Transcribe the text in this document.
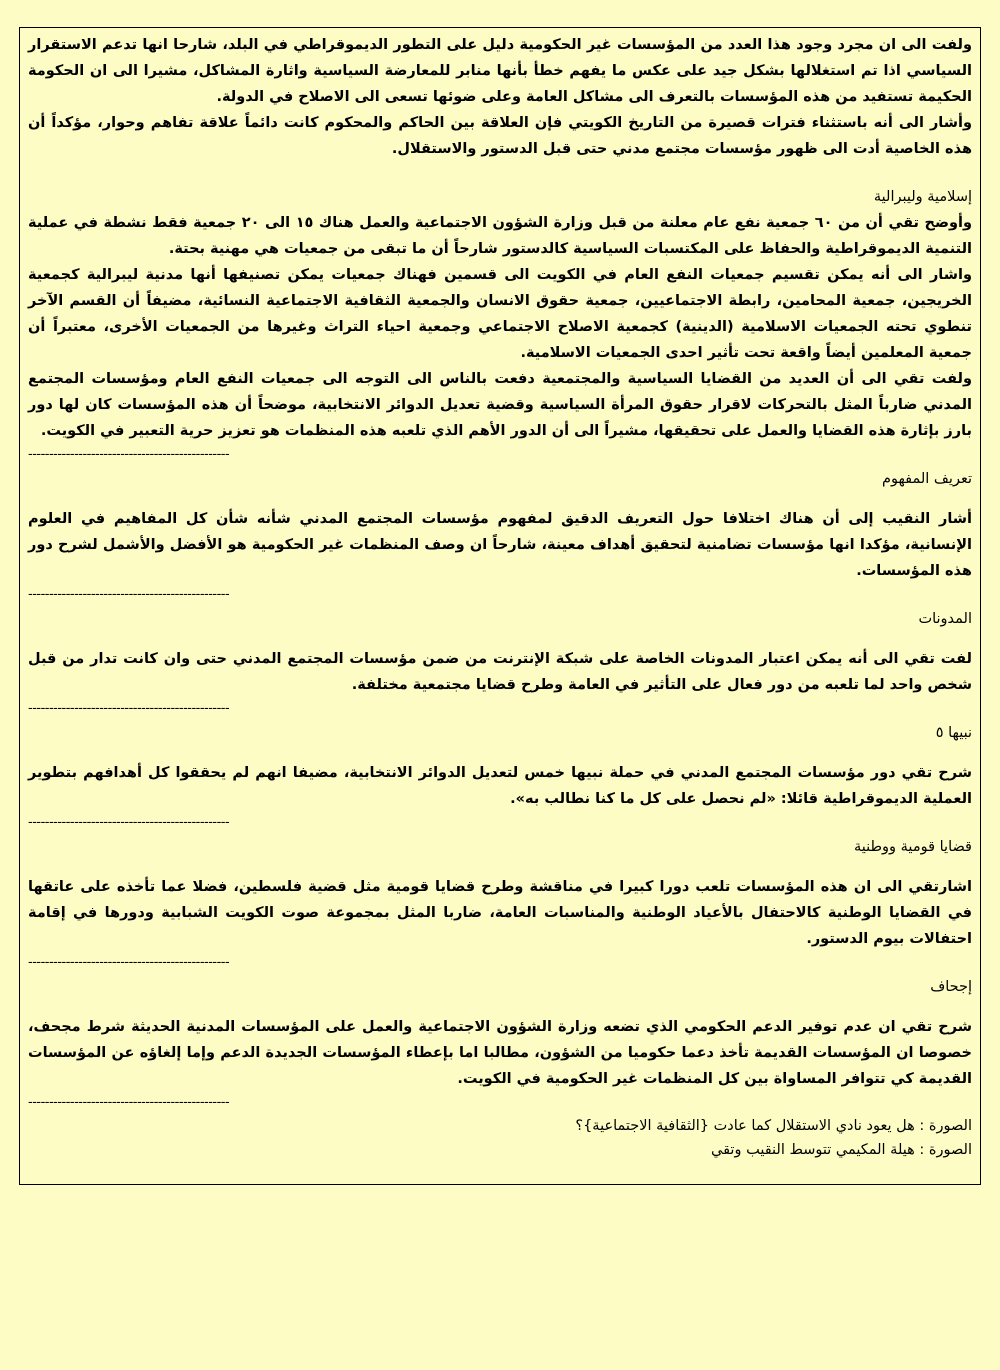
ولفت الى ان مجرد وجود هذا العدد من المؤسسات غير الحكومية دليل على التطور الديموقراطي في البلد، شارحا انها تدعم الاستقرار السياسي اذا تم استغلالها بشكل جيد على عكس ما يفهم خطأ بأنها منابر للمعارضة السياسية واثارة المشاكل، مشيرا الى ان الحكومة الحكيمة تستفيد من هذه المؤسسات بالتعرف الى مشاكل العامة وعلى ضوئها تسعى الى الاصلاح في الدولة.

وأشار الى أنه باستثناء فترات قصيرة من التاريخ الكويتي فإن العلاقة بين الحاكم والمحكوم كانت دائماً علاقة تفاهم وحوار، مؤكداً أن هذه الخاصية أدت الى ظهور مؤسسات مجتمع مدني حتى قبل الدستور والاستقلال.

إسلامية وليبرالية

وأوضح تقي أن من ٦٠ جمعية نفع عام معلنة من قبل وزارة الشؤون الاجتماعية والعمل هناك ١٥ الى ٢٠ جمعية فقط نشطة في عملية التنمية الديموقراطية والحفاظ على المكتسبات السياسية كالدستور شارحاً أن ما تبقى من جمعيات هي مهنية بحتة.

واشار الى أنه يمكن تقسيم جمعيات النفع العام في الكويت الى قسمين فهناك جمعيات يمكن تصنيفها أنها مدنية ليبرالية كجمعية الخريجين، جمعية المحامين، رابطة الاجتماعيين، جمعية حقوق الانسان والجمعية الثقافية الاجتماعية النسائية، مضيفاً أن القسم الآخر تنطوي تحته الجمعيات الاسلامية (الدينية) كجمعية الاصلاح الاجتماعي وجمعية احياء التراث وغيرها من الجمعيات الأخرى، معتبراً أن جمعية المعلمين أيضاً واقعة تحت تأثير احدى الجمعيات الاسلامية.

ولفت تقي الى أن العديد من القضايا السياسية والمجتمعية دفعت بالناس الى التوجه الى جمعيات النفع العام ومؤسسات المجتمع المدني ضارباً المثل بالتحركات لاقرار حقوق المرأة السياسية وقضية تعديل الدوائر الانتخابية، موضحاً أن هذه المؤسسات كان لها دور بارز بإثارة هذه القضايا والعمل على تحقيقها، مشيراً الى أن الدور الأهم الذي تلعبه هذه المنظمات هو تعزيز حرية التعبير في الكويت.

------------------------------------------------

تعريف المفهوم

أشار النقيب إلى أن هناك اختلافا حول التعريف الدقيق لمفهوم مؤسسات المجتمع المدني شأنه شأن كل المفاهيم في العلوم الإنسانية، مؤكدا انها مؤسسات تضامنية لتحقيق أهداف معينة، شارحاً ان وصف المنظمات غير الحكومية هو الأفضل والأشمل لشرح دور هذه المؤسسات.

------------------------------------------------

المدونات

لفت تقي الى أنه يمكن اعتبار المدونات الخاصة على شبكة الإنترنت من ضمن مؤسسات المجتمع المدني حتى وان كانت تدار من قبل شخص واحد لما تلعبه من دور فعال على التأثير في العامة وطرح قضايا مجتمعية مختلفة.

------------------------------------------------

نبيها ٥

شرح تقي دور مؤسسات المجتمع المدني في حملة نبيها خمس لتعديل الدوائر الانتخابية، مضيفا انهم لم يحققوا كل أهدافهم بتطوير العملية الديموقراطية قائلا: «لم نحصل على كل ما كنا نطالب به».

------------------------------------------------

قضايا قومية ووطنية

اشارتقي الى ان هذه المؤسسات تلعب دورا كبيرا في مناقشة وطرح قضايا قومية مثل قضية فلسطين، فضلا عما تأخذه على عاتقها في القضايا الوطنية كالاحتفال بالأعياد الوطنية والمناسبات العامة، ضاربا المثل بمجموعة صوت الكويت الشبابية ودورها في إقامة احتفالات بيوم الدستور.

------------------------------------------------

إجحاف

شرح تقي ان عدم توفير الدعم الحكومي الذي تضعه وزارة الشؤون الاجتماعية والعمل على المؤسسات المدنية الحديثة شرط مجحف، خصوصا ان المؤسسات القديمة تأخذ دعما حكوميا من الشؤون، مطالبا اما بإعطاء المؤسسات الجديدة الدعم وإما إلغاؤه عن المؤسسات القديمة كي تتوافر المساواة بين كل المنظمات غير الحكومية في الكويت.

------------------------------------------------

الصورة : هل يعود نادي الاستقلال كما عادت {الثقافية الاجتماعية}؟

الصورة : هيلة المكيمي تتوسط النقيب وتقي
